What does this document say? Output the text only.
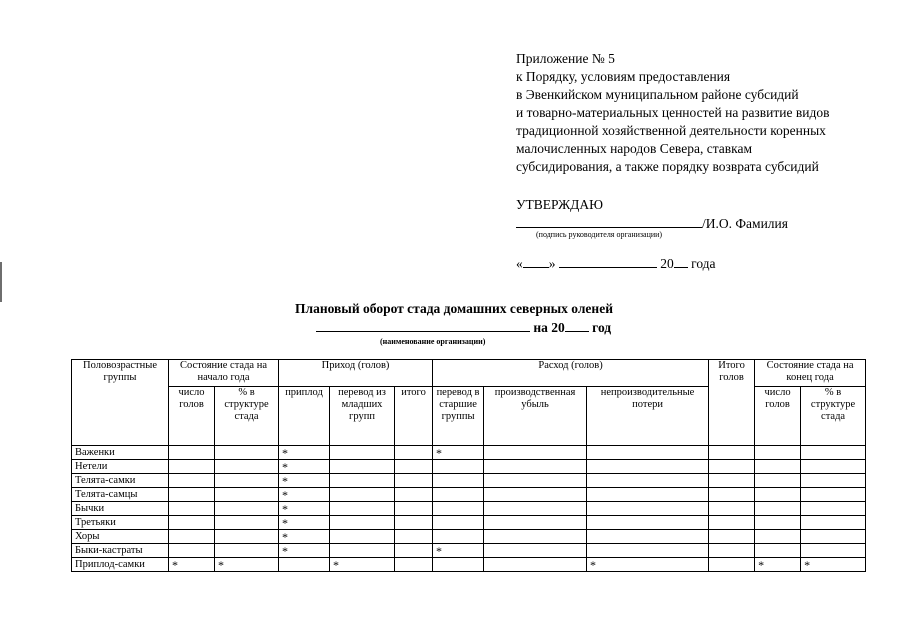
Приложение № 5
к Порядку, условиям предоставления
в Эвенкийском муниципальном районе субсидий
и товарно-материальных ценностей на развитие видов
традиционной хозяйственной деятельности коренных
малочисленных народов Севера, ставкам
субсидирования, а также порядку возврата субсидий
УТВЕРЖДАЮ
/И.О. Фамилия
(подпись руководителя организации)
« »	20 года
Плановый оборот стада домашних северных оленей
на 20 год
(наименование организации)
Половозрастные группы	Состояние стада на начало года		Приход (голов)			Расход (голов)			Итого голов	Состояние стада на конец года	
	число голов	% в структуре стада	приплод	перевод из младших групп	итого	перевод в старшие группы	производственная убыль	непроизводительные потери		число голов	% в структуре стада
Важенки			*			*					
Нетели			*								
Телята-самки			*								
Телята-самцы			*								
Бычки			*								
Третьяки			*								
Хоры			*								
Быки-кастраты			*			*					
Приплод-самки	*	*		*				*		*	*
